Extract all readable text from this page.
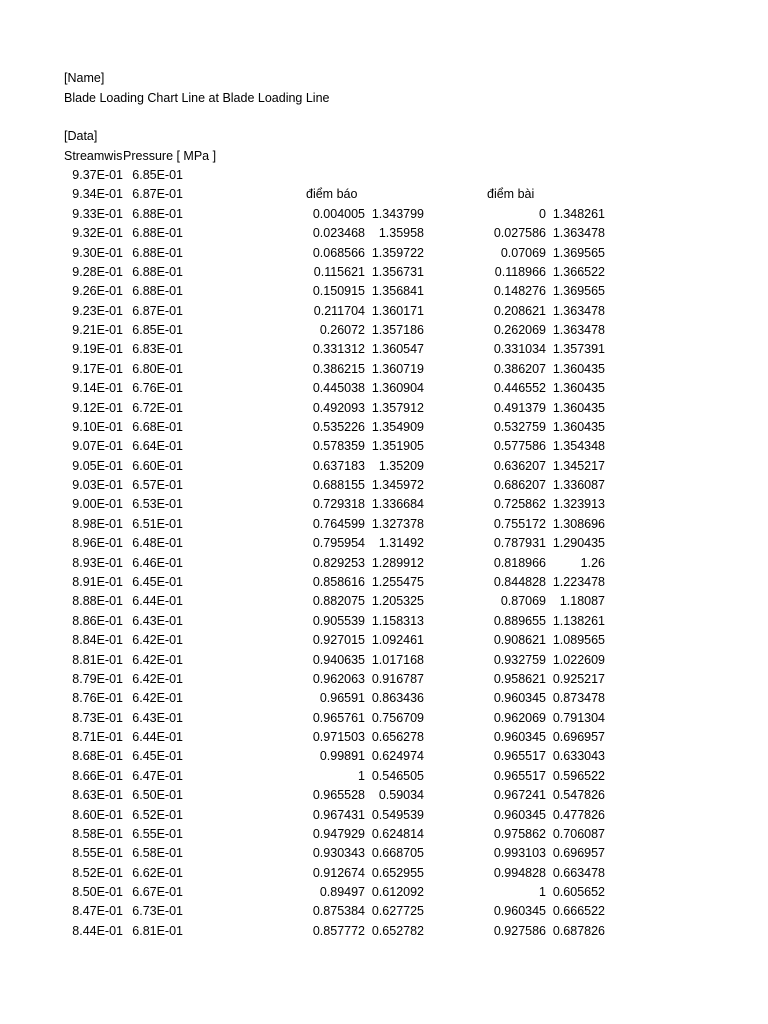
[Name]
Blade Loading Chart Line at Blade Loading Line
[Data]
Streamwis Pressure [ MPa ]
điểm báo	điểm bài
9.37E-01 6.85E-01
9.34E-01 6.87E-01
9.33E-01 6.88E-01
9.32E-01 6.88E-01
9.30E-01 6.88E-01
9.28E-01 6.88E-01
9.26E-01 6.88E-01
9.23E-01 6.87E-01
9.21E-01 6.85E-01
9.19E-01 6.83E-01
9.17E-01 6.80E-01
9.14E-01 6.76E-01
9.12E-01 6.72E-01
9.10E-01 6.68E-01
9.07E-01 6.64E-01
9.05E-01 6.60E-01
9.03E-01 6.57E-01
9.00E-01 6.53E-01
8.98E-01 6.51E-01
8.96E-01 6.48E-01
8.93E-01 6.46E-01
8.91E-01 6.45E-01
8.88E-01 6.44E-01
8.86E-01 6.43E-01
8.84E-01 6.42E-01
8.81E-01 6.42E-01
8.79E-01 6.42E-01
8.76E-01 6.42E-01
8.73E-01 6.43E-01
8.71E-01 6.44E-01
8.68E-01 6.45E-01
8.66E-01 6.47E-01
8.63E-01 6.50E-01
8.60E-01 6.52E-01
8.58E-01 6.55E-01
8.55E-01 6.58E-01
8.52E-01 6.62E-01
8.50E-01 6.67E-01
8.47E-01 6.73E-01
8.44E-01 6.81E-01
0.004005 1.343799
0.023468 1.35958
0.068566 1.359722
0.115621 1.356731
0.150915 1.356841
0.211704 1.360171
0.26072 1.357186
0.331312 1.360547
0.386215 1.360719
0.445038 1.360904
0.492093 1.357912
0.535226 1.354909
0.578359 1.351905
0.637183 1.35209
0.688155 1.345972
0.729318 1.336684
0.764599 1.327378
0.795954 1.31492
0.829253 1.289912
0.858616 1.255475
0.882075 1.205325
0.905539 1.158313
0.927015 1.092461
0.940635 1.017168
0.962063 0.916787
0.96591 0.863436
0.965761 0.756709
0.971503 0.656278
0.99891 0.624974
1 0.546505
0.965528 0.59034
0.967431 0.549539
0.947929 0.624814
0.930343 0.668705
0.912674 0.652955
0.89497 0.612092
0.875384 0.627725
0.857772 0.652782
0 1.348261
0.027586 1.363478
0.07069 1.369565
0.118966 1.366522
0.148276 1.369565
0.208621 1.363478
0.262069 1.363478
0.331034 1.357391
0.386207 1.360435
0.446552 1.360435
0.491379 1.360435
0.532759 1.360435
0.577586 1.354348
0.636207 1.345217
0.686207 1.336087
0.725862 1.323913
0.755172 1.308696
0.787931 1.290435
0.818966	1.26
0.844828 1.223478
0.87069 1.18087
0.889655 1.138261
0.908621 1.089565
0.932759 1.022609
0.958621 0.925217
0.960345 0.873478
0.962069 0.791304
0.960345 0.696957
0.965517 0.633043
0.965517 0.596522
0.967241 0.547826
0.960345 0.477826
0.975862 0.706087
0.993103 0.696957
0.994828 0.663478
1 0.605652
0.960345 0.666522
0.927586 0.687826
